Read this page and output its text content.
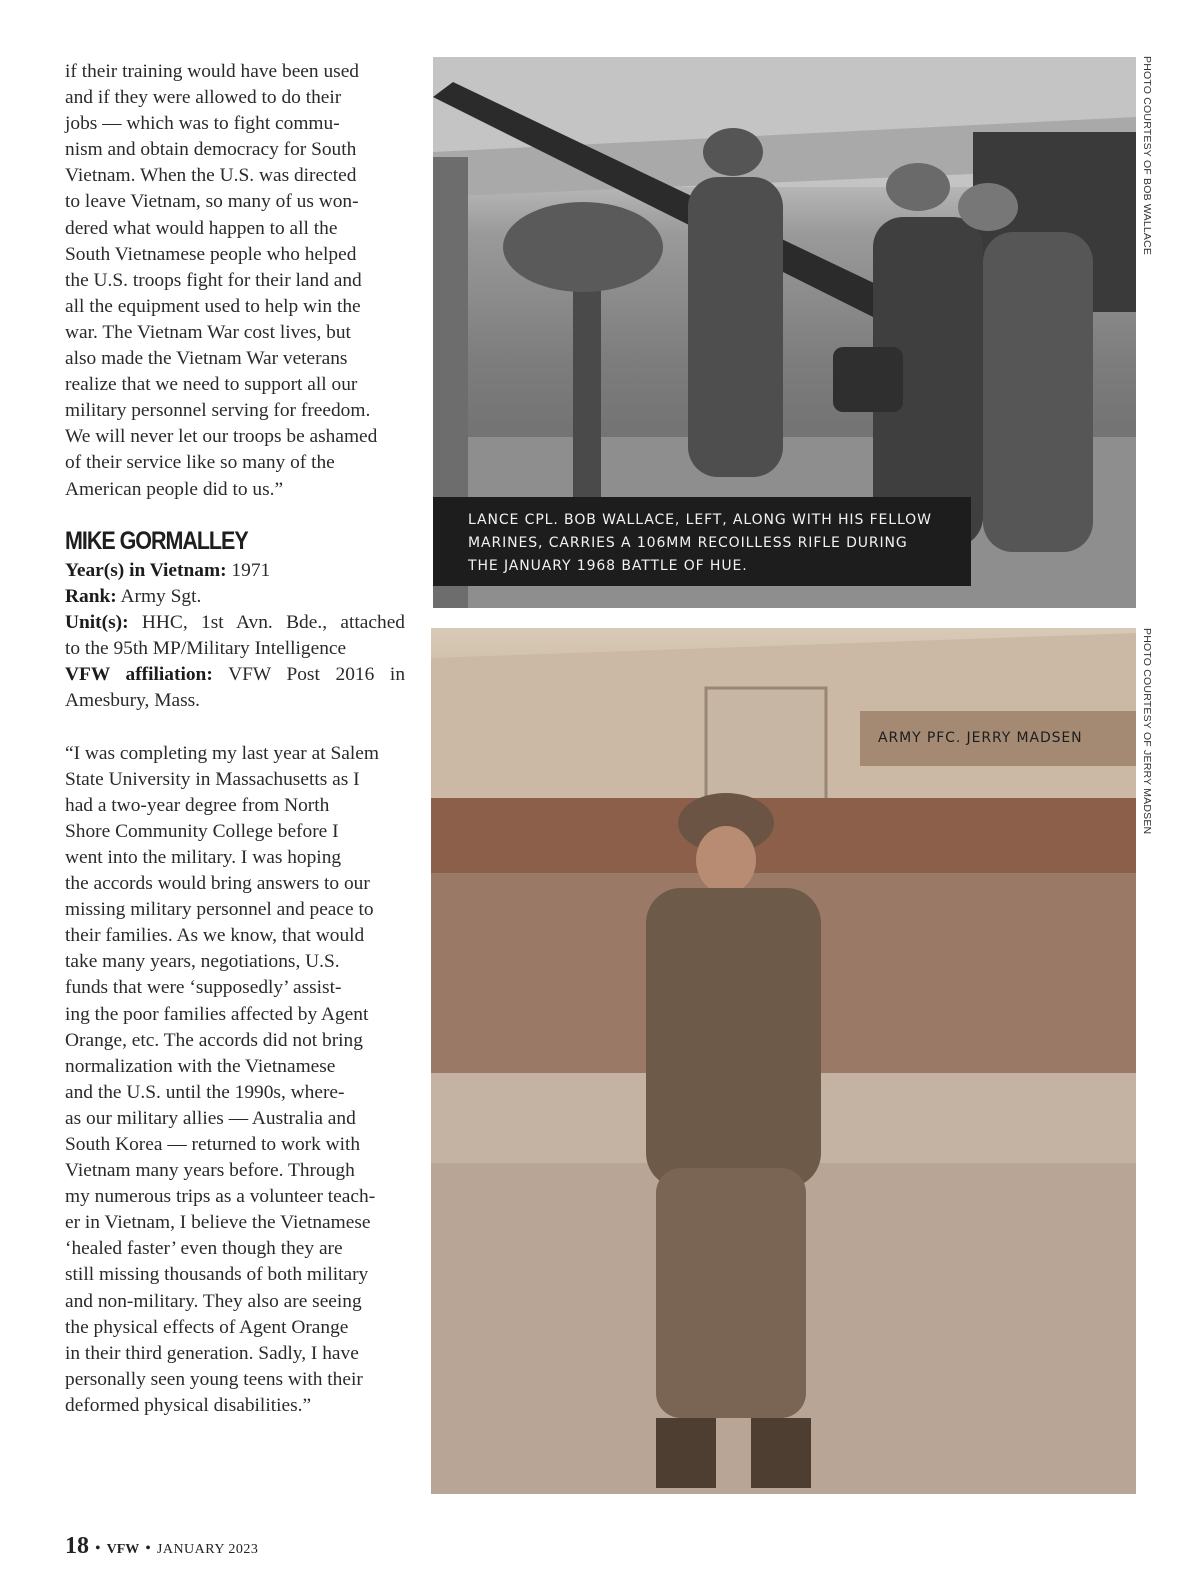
if their training would have been used

and if they were allowed to do their

jobs — which was to fight commu-

nism and obtain democracy for South

Vietnam. When the U.S. was directed

to leave Vietnam, so many of us won-

dered what would happen to all the

South Vietnamese people who helped

the U.S. troops fight for their land and

all the equipment used to help win the

war. The Vietnam War cost lives, but

also made the Vietnam War veterans

realize that we need to support all our

military personnel serving for freedom.

We will never let our troops be ashamed

of their service like so many of the

American people did to us.”

MIKE GORMALLEY

Year(s) in Vietnam: 1971

Rank: Army Sgt.

Unit(s): HHC, 1st Avn. Bde., attached

to the 95th MP/Military Intelligence

VFW affiliation: VFW Post 2016 in

Amesbury, Mass.

“I was completing my last year at Salem

State University in Massachusetts as I

had a two-year degree from North

Shore Community College before I

went into the military. I was hoping

the accords would bring answers to our

missing military personnel and peace to

their families. As we know, that would

take many years, negotiations, U.S.

funds that were ‘supposedly’ assist-

ing the poor families affected by Agent

Orange, etc. The accords did not bring

normalization with the Vietnamese

and the U.S. until the 1990s, where-

as our military allies — Australia and

South Korea — returned to work with

Vietnam many years before. Through

my numerous trips as a volunteer teach-

er in Vietnam, I believe the Vietnamese

‘healed faster’ even though they are

still missing thousands of both military

and non-military. They also are seeing

the physical effects of Agent Orange

in their third generation. Sadly, I have

personally seen young teens with their

deformed physical disabilities.”

LANCE CPL. BOB WALLACE, LEFT, ALONG WITH HIS FELLOW
MARINES, CARRIES A 106MM RECOILLESS RIFLE DURING
THE JANUARY 1968 BATTLE OF HUE.
PHOTO COURTESY OF BOB WALLACE
ARMY PFC. JERRY MADSEN	PHOTO COURTESY OF JERRY MADSEN
18 • VFW • JANUARY 2023
